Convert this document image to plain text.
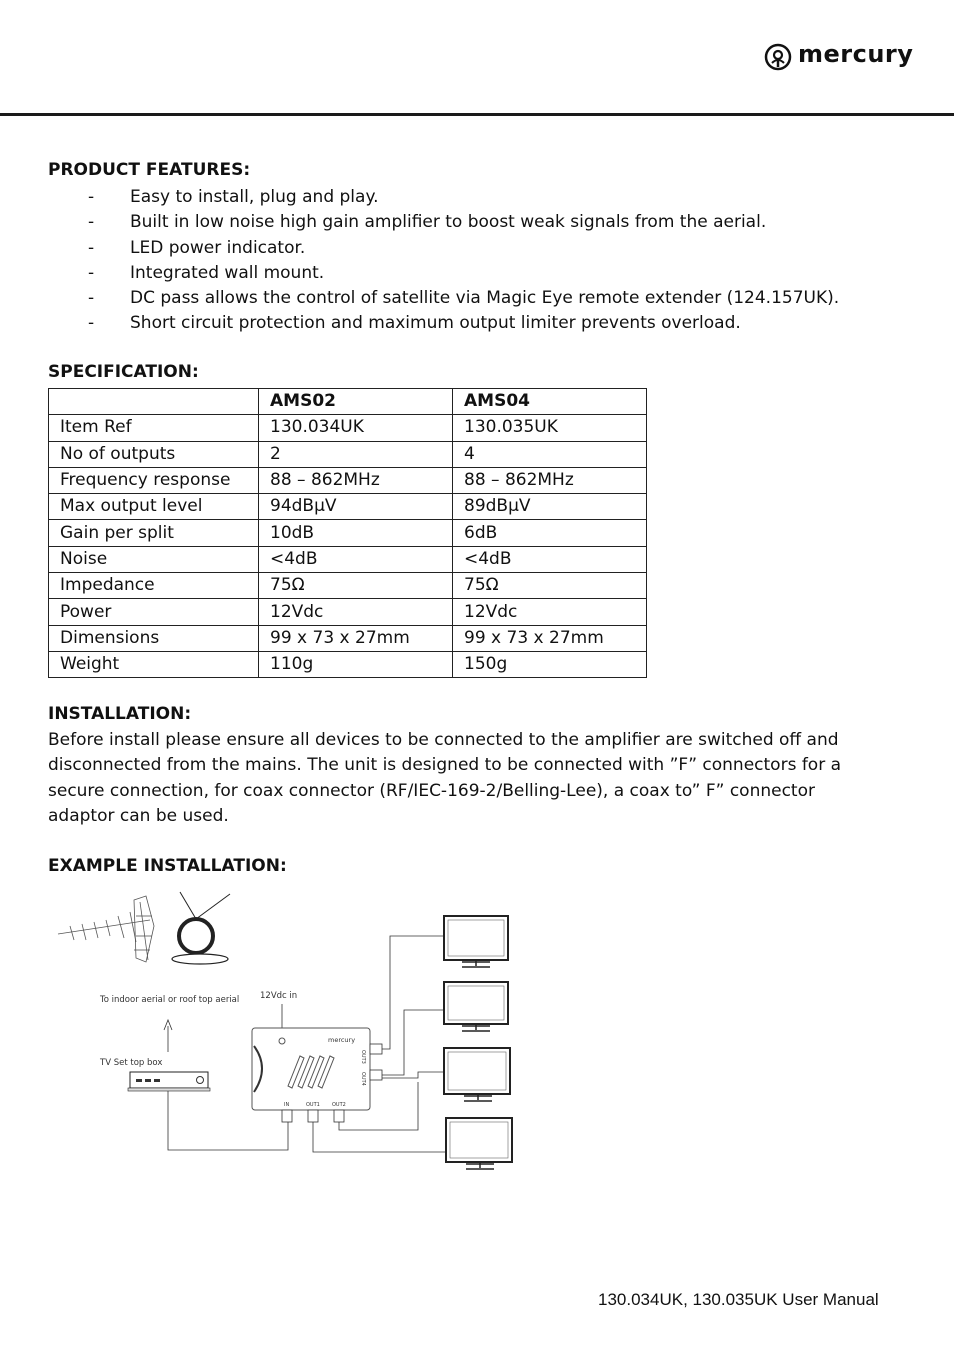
mercury
PRODUCT FEATURES:
- Easy to install, plug and play.
- Built in low noise high gain amplifier to boost weak signals from the aerial.
- LED power indicator.
- Integrated wall mount.
- DC pass allows the control of satellite via Magic Eye remote extender (124.157UK).
- Short circuit protection and maximum output limiter prevents overload.
SPECIFICATION:
	AMS02	AMS04
Item Ref	130.034UK	130.035UK
No of outputs	2	4
Frequency response	88 – 862MHz	88 – 862MHz
Max output level	94dBμV	89dBμV
Gain per split	10dB	6dB
Noise	<4dB	<4dB
Impedance	75Ω	75Ω
Power	12Vdc	12Vdc
Dimensions	99 x 73 x 27mm	99 x 73 x 27mm
Weight	110g	150g
INSTALLATION:

Before install please ensure all devices to be connected to the amplifier are switched off and disconnected from the mains. The unit is designed to be connected with ”F” connectors for a secure connection, for coax connector (RF/IEC-169-2/Belling-Lee), a coax to” F” connector adaptor can be used.

EXAMPLE INSTALLATION:
To indoor aerial or roof top aerial 12Vdc in
TV Set top box
mercury
IN	OUT1 OUT2
OUT3
OUT4
130.034UK, 130.035UK User Manual
